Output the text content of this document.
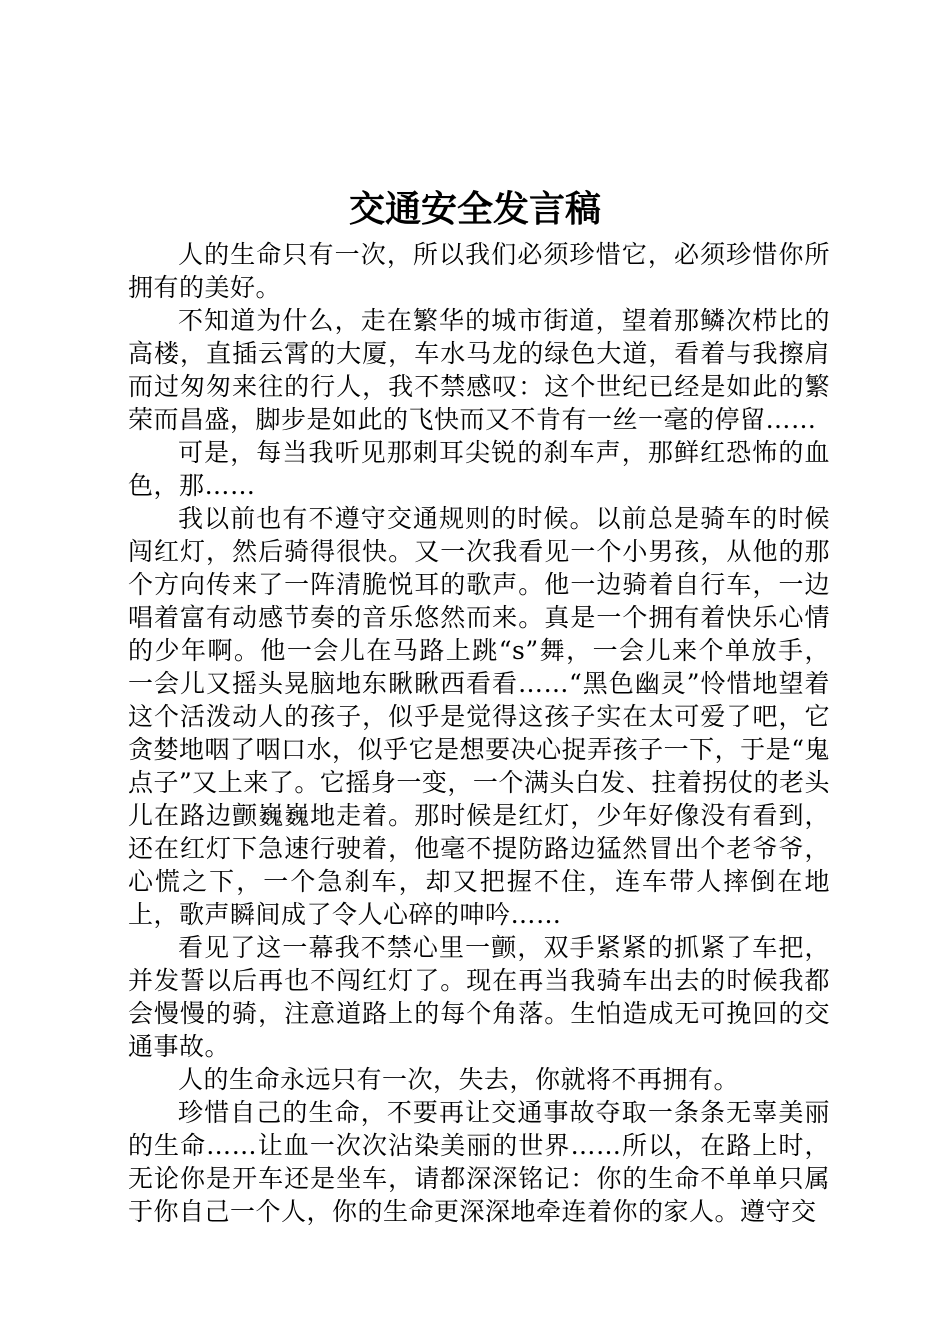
交通安全发言稿

人的生命只有一次，所以我们必须珍惜它，必须珍惜你所拥有的美好。

不知道为什么，走在繁华的城市街道，望着那鳞次栉比的高楼，直插云霄的大厦，车水马龙的绿色大道，看着与我擦肩而过匆匆来往的行人，我不禁感叹：这个世纪已经是如此的繁荣而昌盛，脚步是如此的飞快而又不肯有一丝一毫的停留……

可是，每当我听见那刺耳尖锐的刹车声，那鲜红恐怖的血色，那……

我以前也有不遵守交通规则的时候。以前总是骑车的时候闯红灯，然后骑得很快。又一次我看见一个小男孩，从他的那个方向传来了一阵清脆悦耳的歌声。他一边骑着自行车，一边唱着富有动感节奏的音乐悠然而来。真是一个拥有着快乐心情的少年啊。他一会儿在马路上跳“s”舞，一会儿来个单放手，一会儿又摇头晃脑地东瞅瞅西看看……“黑色幽灵”怜惜地望着这个活泼动人的孩子，似乎是觉得这孩子实在太可爱了吧，它贪婪地咽了咽口水，似乎它是想要决心捉弄孩子一下，于是“鬼点子”又上来了。它摇身一变，一个满头白发、拄着拐仗的老头儿在路边颤巍巍地走着。那时候是红灯，少年好像没有看到，还在红灯下急速行驶着，他毫不提防路边猛然冒出个老爷爷，心慌之下，一个急刹车，却又把握不住，连车带人摔倒在地上，歌声瞬间成了令人心碎的呻吟……

看见了这一幕我不禁心里一颤，双手紧紧的抓紧了车把，并发誓以后再也不闯红灯了。现在再当我骑车出去的时候我都会慢慢的骑，注意道路上的每个角落。生怕造成无可挽回的交通事故。

人的生命永远只有一次，失去，你就将不再拥有。

珍惜自己的生命，不要再让交通事故夺取一条条无辜美丽的生命……让血一次次沾染美丽的世界……所以，在路上时，无论你是开车还是坐车，请都深深铭记：你的生命不单单只属于你自己一个人，你的生命更深深地牵连着你的家人。遵守交
